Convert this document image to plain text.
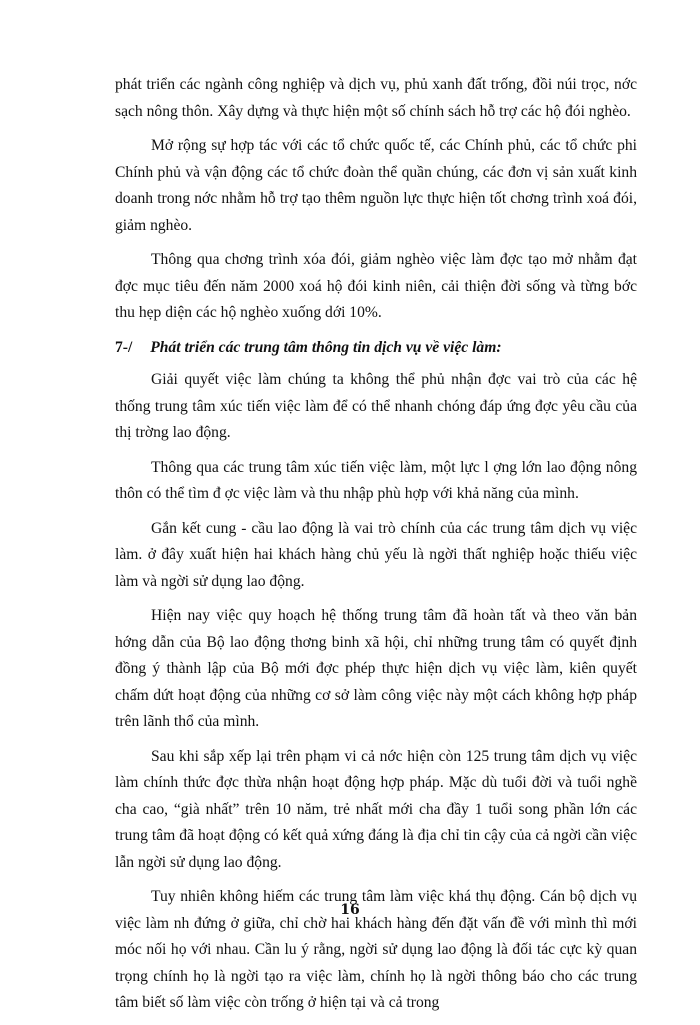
phát triển các ngành công nghiệp và dịch vụ, phủ xanh đất trống, đồi núi trọc, nớc sạch nông thôn. Xây dựng và thực hiện một số chính sách hỗ trợ các hộ đói nghèo.

Mở rộng sự hợp tác với các tổ chức quốc tế, các Chính phủ, các tổ chức phi Chính phủ và vận động các tổ chức đoàn thể quần chúng, các đơn vị sản xuất kinh doanh trong nớc nhằm hỗ trợ tạo thêm nguồn lực thực hiện tốt chơng trình xoá đói, giảm nghèo.

Thông qua chơng trình xóa đói, giảm nghèo việc làm đợc tạo mở nhằm đạt đợc mục tiêu đến năm 2000 xoá hộ đói kinh niên, cải thiện đời sống và từng bớc thu hẹp diện các hộ nghèo xuống dới 10%.

7-/ Phát triển các trung tâm thông tin dịch vụ về việc làm:

Giải quyết việc làm chúng ta không thể phủ nhận đợc vai trò của các hệ thống trung tâm xúc tiến việc làm để có thể nhanh chóng đáp ứng đợc yêu cầu của thị trờng lao động.

Thông qua các trung tâm xúc tiến việc làm, một lực l ợng lớn lao động nông thôn có thể tìm đ ợc việc làm và thu nhập phù hợp với khả năng của mình.

Gắn kết cung - cầu lao động là vai trò chính của các trung tâm dịch vụ việc làm. ở đây xuất hiện hai khách hàng chủ yếu là ngời thất nghiệp hoặc thiếu việc làm và ngời sử dụng lao động.

Hiện nay việc quy hoạch hệ thống trung tâm đã hoàn tất và theo văn bản hớng dẫn của Bộ lao động thơng binh xã hội, chỉ những trung tâm có quyết định đồng ý thành lập của Bộ mới đợc phép thực hiện dịch vụ việc làm, kiên quyết chấm dứt hoạt động của những cơ sở làm công việc này một cách không hợp pháp trên lãnh thổ của mình.

Sau khi sắp xếp lại trên phạm vi cả nớc hiện còn 125 trung tâm dịch vụ việc làm chính thức đợc thừa nhận hoạt động hợp pháp. Mặc dù tuổi đời và tuổi nghề cha cao, “già nhất” trên 10 năm, trẻ nhất mới cha đầy 1 tuổi song phần lớn các trung tâm đã hoạt động có kết quả xứng đáng là địa chỉ tin cậy của cả ngời cần việc lẫn ngời sử dụng lao động.

Tuy nhiên không hiếm các trung tâm làm việc khá thụ động. Cán bộ dịch vụ việc làm nh đứng ở giữa, chỉ chờ hai khách hàng đến đặt vấn đề với mình thì mới móc nối họ với nhau. Cần lu ý rằng, ngời sử dụng lao động là đối tác cực kỳ quan trọng chính họ là ngời tạo ra việc làm, chính họ là ngời thông báo cho các trung tâm biết số làm việc còn trống ở hiện tại và cả trong

16
